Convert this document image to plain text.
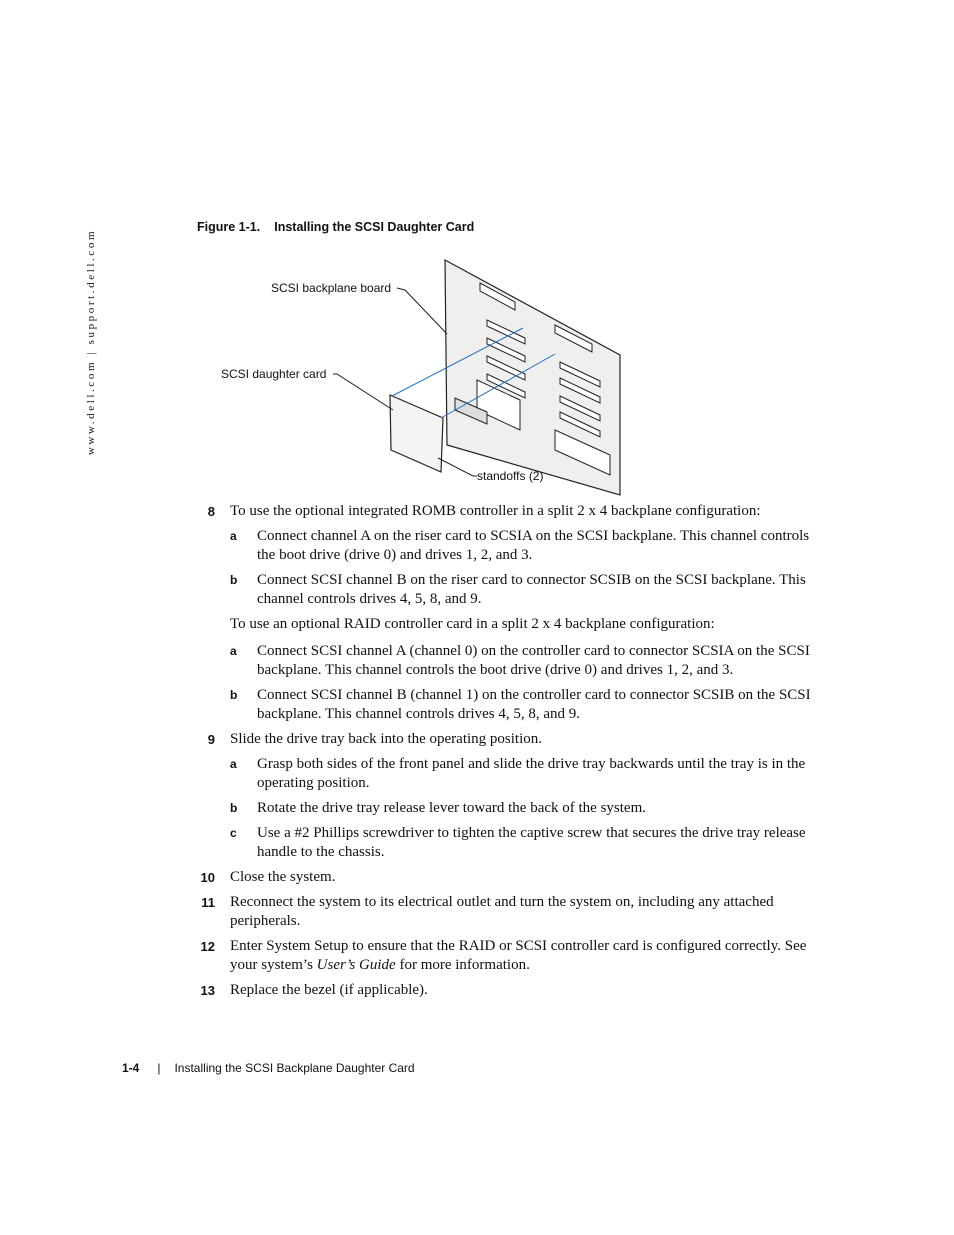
www.dell.com | support.dell.com
Figure 1-1. Installing the SCSI Daughter Card
SCSI backplane board
SCSI daughter card
standoffs (2)
8 To use the optional integrated ROMB controller in a split 2 x 4 backplane configuration:
a Connect channel A on the riser card to SCSIA on the SCSI backplane. This channel controls the boot drive (drive 0) and drives 1, 2, and 3.
b Connect SCSI channel B on the riser card to connector SCSIB on the SCSI backplane. This channel controls drives 4, 5, 8, and 9.
To use an optional RAID controller card in a split 2 x 4 backplane configuration:
a Connect SCSI channel A (channel 0) on the controller card to connector SCSIA on the SCSI backplane. This channel controls the boot drive (drive 0) and drives 1, 2, and 3.
b Connect SCSI channel B (channel 1) on the controller card to connector SCSIB on the SCSI backplane. This channel controls drives 4, 5, 8, and 9.
9 Slide the drive tray back into the operating position.
a Grasp both sides of the front panel and slide the drive tray backwards until the tray is in the operating position.
b Rotate the drive tray release lever toward the back of the system.
c Use a #2 Phillips screwdriver to tighten the captive screw that secures the drive tray release handle to the chassis.
10 Close the system.
11 Reconnect the system to its electrical outlet and turn the system on, including any attached peripherals.
12 Enter System Setup to ensure that the RAID or SCSI controller card is configured correctly. See your system’s User’s Guide for more information.
13 Replace the bezel (if applicable).
1-4 | Installing the SCSI Backplane Daughter Card
